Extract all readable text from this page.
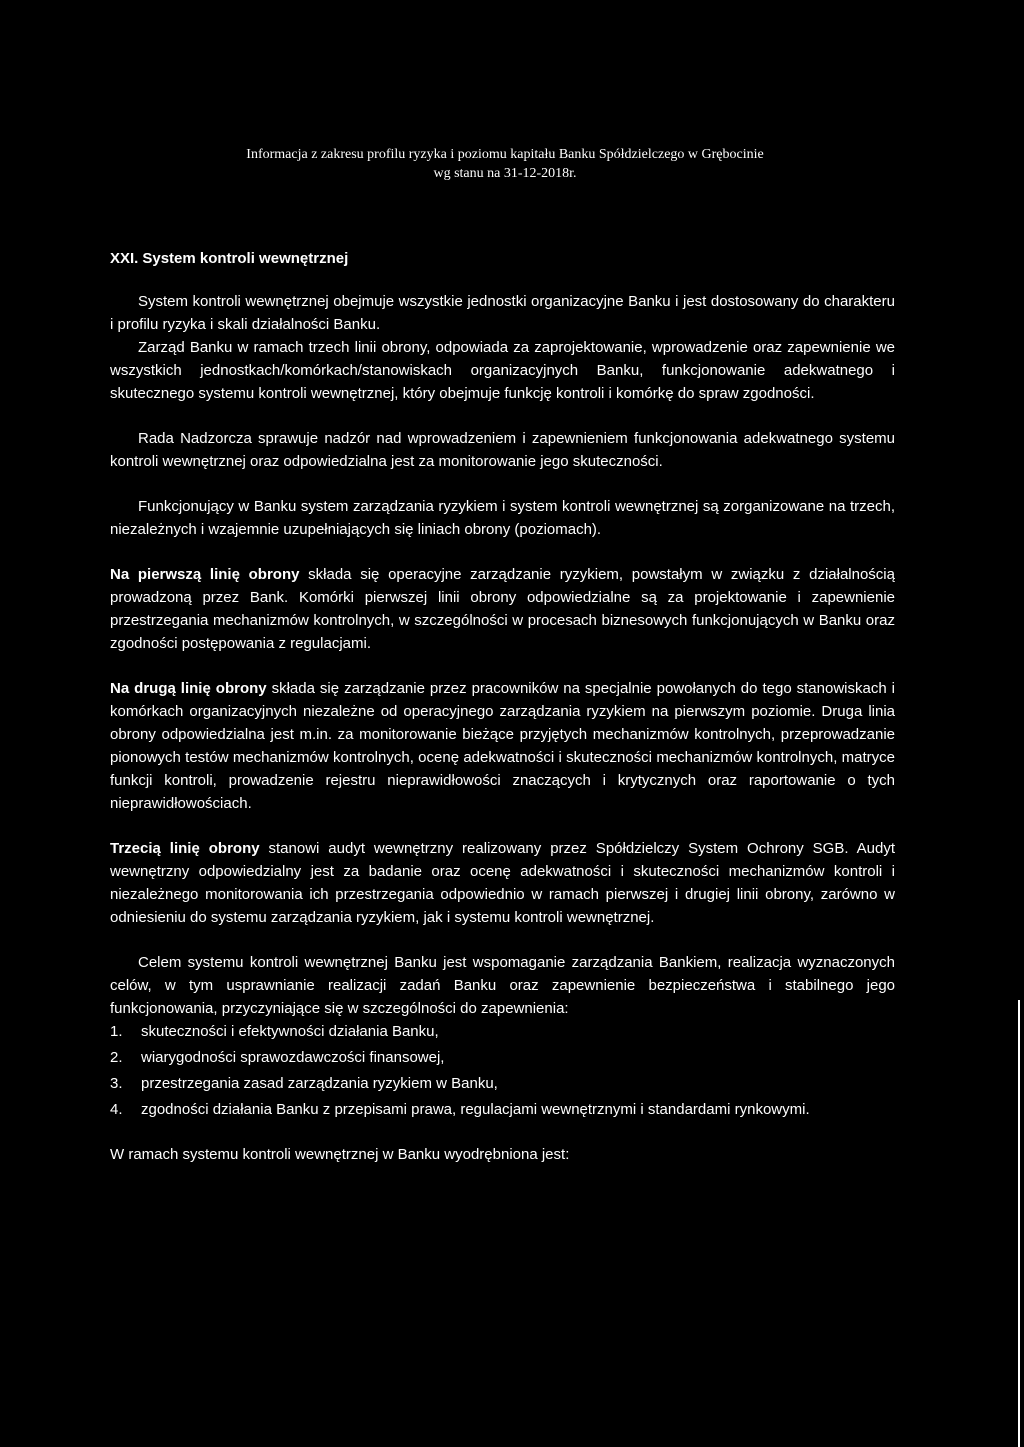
Informacja z zakresu profilu ryzyka i poziomu kapitału Banku Spółdzielczego w Grębocinie
wg stanu na 31-12-2018r.
XXI. System kontroli wewnętrznej

System kontroli wewnętrznej obejmuje wszystkie jednostki organizacyjne Banku i jest dostosowany do charakteru i profilu ryzyka i skali działalności Banku.

Zarząd Banku w ramach trzech linii obrony, odpowiada za zaprojektowanie, wprowadzenie oraz zapewnienie we wszystkich jednostkach/komórkach/stanowiskach organizacyjnych Banku, funkcjonowanie adekwatnego i skutecznego systemu kontroli wewnętrznej, który obejmuje funkcję kontroli i komórkę do spraw zgodności.

Rada Nadzorcza sprawuje nadzór nad wprowadzeniem i zapewnieniem funkcjonowania adekwatnego systemu kontroli wewnętrznej oraz odpowiedzialna jest za monitorowanie jego skuteczności.

Funkcjonujący w Banku system zarządzania ryzykiem i system kontroli wewnętrznej są zorganizowane na trzech, niezależnych i wzajemnie uzupełniających się liniach obrony (poziomach).

Na pierwszą linię obrony składa się operacyjne zarządzanie ryzykiem, powstałym w związku z działalnością prowadzoną przez Bank. Komórki pierwszej linii obrony odpowiedzialne są za projektowanie i zapewnienie przestrzegania mechanizmów kontrolnych, w szczególności w procesach biznesowych funkcjonujących w Banku oraz zgodności postępowania z regulacjami.

Na drugą linię obrony składa się zarządzanie przez pracowników na specjalnie powołanych do tego stanowiskach i komórkach organizacyjnych niezależne od operacyjnego zarządzania ryzykiem na pierwszym poziomie. Druga linia obrony odpowiedzialna jest m.in. za monitorowanie bieżące przyjętych mechanizmów kontrolnych, przeprowadzanie pionowych testów mechanizmów kontrolnych, ocenę adekwatności i skuteczności mechanizmów kontrolnych, matryce funkcji kontroli, prowadzenie rejestru nieprawidłowości znaczących i krytycznych oraz raportowanie o tych nieprawidłowościach.

Trzecią linię obrony stanowi audyt wewnętrzny realizowany przez Spółdzielczy System Ochrony SGB. Audyt wewnętrzny odpowiedzialny jest za badanie oraz ocenę adekwatności i skuteczności mechanizmów kontroli i niezależnego monitorowania ich przestrzegania odpowiednio w ramach pierwszej i drugiej linii obrony, zarówno w odniesieniu do systemu zarządzania ryzykiem, jak i systemu kontroli wewnętrznej.

Celem systemu kontroli wewnętrznej Banku jest wspomaganie zarządzania Bankiem, realizacja wyznaczonych celów, w tym usprawnianie realizacji zadań Banku oraz zapewnienie bezpieczeństwa i stabilnego jego funkcjonowania, przyczyniające się w szczególności do zapewnienia:

1. skuteczności i efektywności działania Banku,
2. wiarygodności sprawozdawczości finansowej,
3. przestrzegania zasad zarządzania ryzykiem w Banku,
4. zgodności działania Banku z przepisami prawa, regulacjami wewnętrznymi i standardami rynkowymi.

W ramach systemu kontroli wewnętrznej w Banku wyodrębniona jest:
